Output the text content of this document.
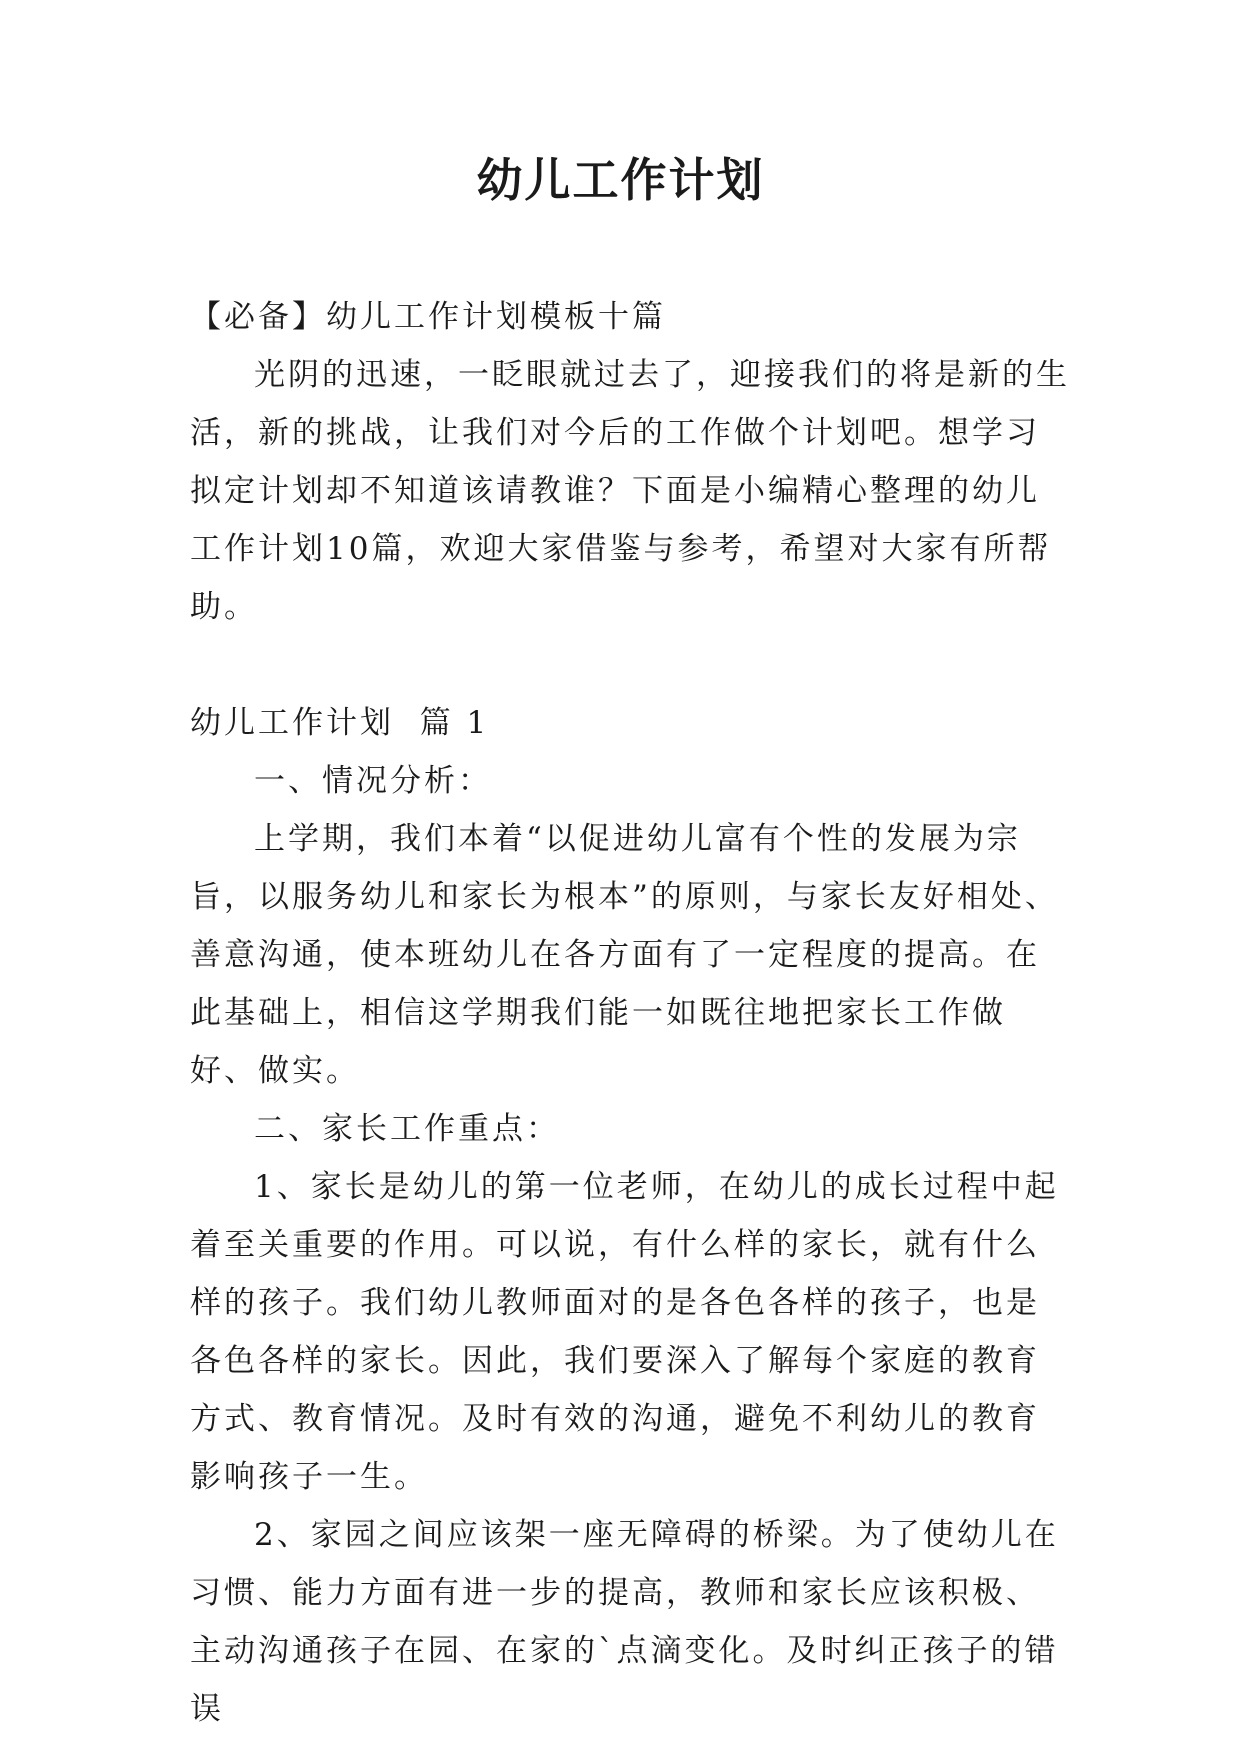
幼儿工作计划

【必备】幼儿工作计划模板十篇

光阴的迅速，一眨眼就过去了，迎接我们的将是新的生活，新的挑战，让我们对今后的工作做个计划吧。想学习拟定计划却不知道该请教谁？下面是小编精心整理的幼儿工作计划10篇，欢迎大家借鉴与参考，希望对大家有所帮助。

幼儿工作计划  篇 1

一、情况分析：

上学期，我们本着“以促进幼儿富有个性的发展为宗旨，以服务幼儿和家长为根本”的原则，与家长友好相处、善意沟通，使本班幼儿在各方面有了一定程度的提高。在此基础上，相信这学期我们能一如既往地把家长工作做好、做实。

二、家长工作重点：

1、家长是幼儿的第一位老师，在幼儿的成长过程中起着至关重要的作用。可以说，有什么样的家长，就有什么样的孩子。我们幼儿教师面对的是各色各样的孩子，也是各色各样的家长。因此，我们要深入了解每个家庭的教育方式、教育情况。及时有效的沟通，避免不利幼儿的教育影响孩子一生。

2、家园之间应该架一座无障碍的桥梁。为了使幼儿在习惯、能力方面有进一步的提高，教师和家长应该积极、主动沟通孩子在园、在家的`点滴变化。及时纠正孩子的错误
